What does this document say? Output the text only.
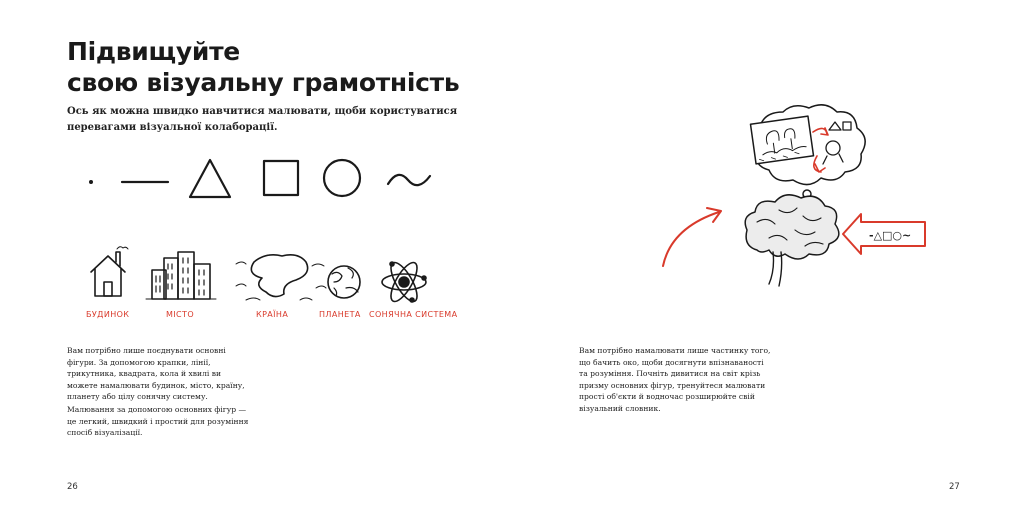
Підвищуйте
свою візуальну грамотність

Ось як можна швидко навчитися малювати, щоби користуватися перевагами візуальної колаборації.

БУДИНОК	МІСТО	КРАЇНА	ПЛАНЕТА СОНЯЧНА СИСТЕМА

Вам потрібно лише поєднувати основні фігури. За допомогою крапки, лінії, трикутника, квадрата, кола й хвилі ви можете намалювати будинок, місто, країну, планету або цілу сонячну систему.

Малювання за допомогою основних фігур — це легкий, швидкий і простий для розуміння спосіб візуалізації.

26
-△□○~

Вам потрібно намалювати лише частинку того, що бачить око, щоби досягнути впізнаваності та розуміння. Почніть дивитися на світ крізь призму основних фігур, тренуйтеся малювати прості об'єкти й водночас розширюйте свій візуальний словник.

27
